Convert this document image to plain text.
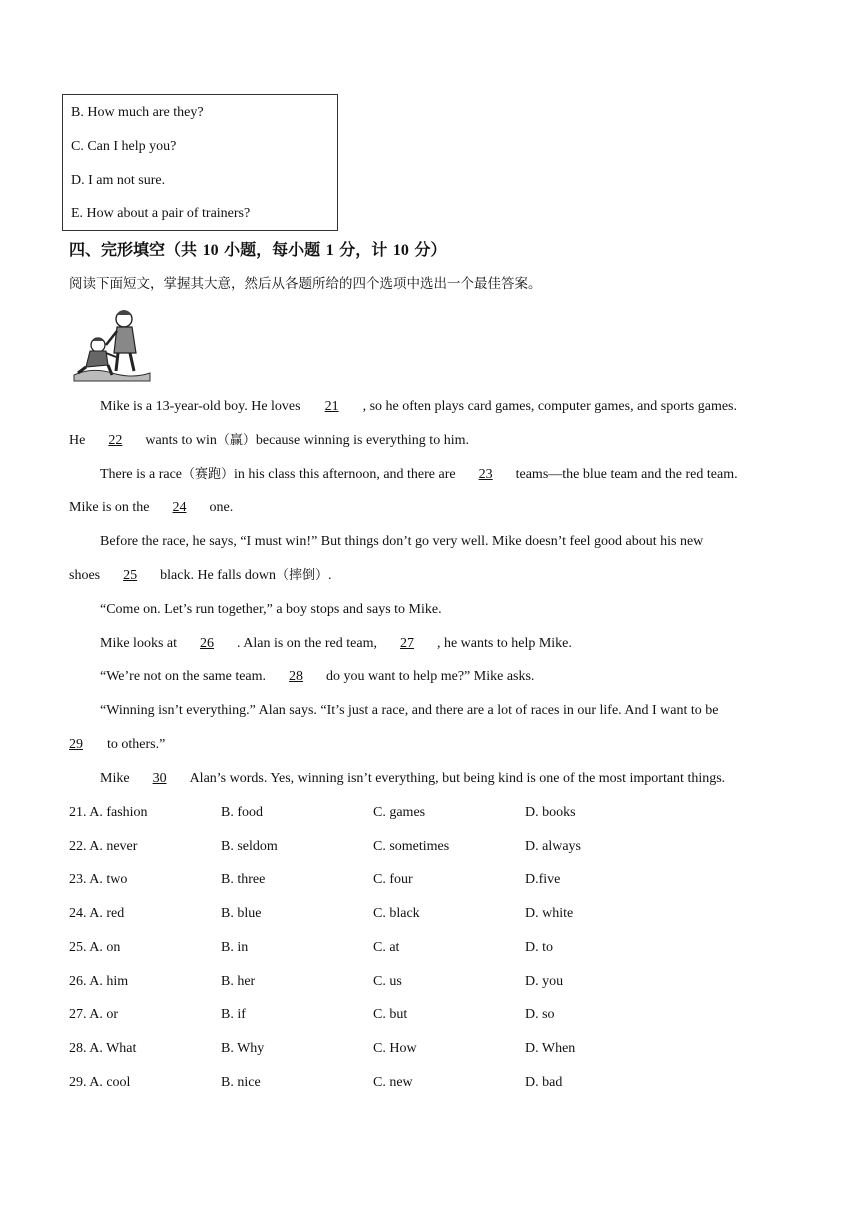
B. How much are they?
C. Can I help you?
D. I am not sure.
E. How about a pair of trainers?
四、完形填空（共 10 小题，每小题 1 分，计 10 分）
阅读下面短文，掌握其大意，然后从各题所给的四个选项中选出一个最佳答案。
Mike is a 13-year-old boy. He loves 21 , so he often plays card games, computer games, and sports games.
He 22 wants to win（赢）because winning is everything to him.
There is a race（赛跑）in his class this afternoon, and there are 23 teams—the blue team and the red team.
Mike is on the 24 one.
Before the race, he says, “I must win!” But things don’t go very well. Mike doesn’t feel good about his new
shoes 25 black. He falls down（摔倒）.
“Come on. Let’s run together,” a boy stops and says to Mike.
Mike looks at 26 . Alan is on the red team, 27 , he wants to help Mike.
“We’re not on the same team. 28 do you want to help me?” Mike asks.
“Winning isn’t everything.” Alan says. “It’s just a race, and there are a lot of races in our life. And I want to be
29 to others.”
Mike 30 Alan’s words. Yes, winning isn’t everything, but being kind is one of the most important things.
21. A. fashion	B. food	C. games	D. books
22. A. never	B. seldom	C. sometimes	D. always
23. A. two	B. three	C. four	D.five
24. A. red	B. blue	C. black	D. white
25. A. on	B. in	C. at	D. to
26. A. him	B. her	C. us	D. you
27. A. or	B. if	C. but	D. so
28. A. What	B. Why	C. How	D. When
29. A. cool	B. nice	C. new	D. bad
